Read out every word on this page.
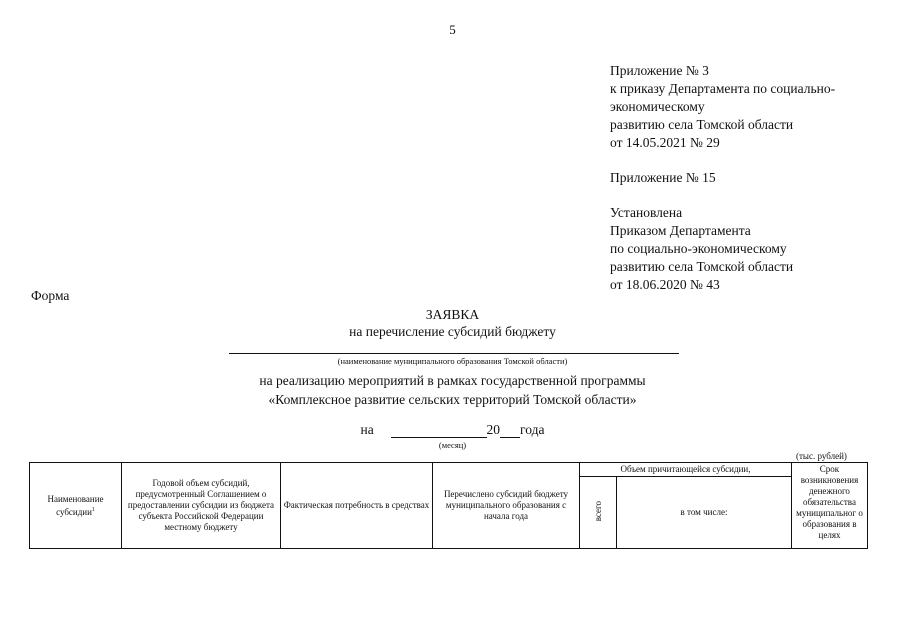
5
Приложение № 3
к приказу Департамента по социально-
экономическому
развитию села Томской области
от 14.05.2021 № 29
Приложение № 15
Установлена
Приказом Департамента
по социально-экономическому
развитию села Томской области
от 18.06.2020 № 43
Форма
ЗАЯВКА
на перечисление субсидий бюджету
(наименование муниципального образования Томской области)
на реализацию мероприятий в рамках государственной программы
«Комплексное развитие сельских территорий Томской области»
на	20 года
(месяц)
(тыс. рублей)
Наименование субсидии$^1$	Годовой объем субсидий, предусмотренный Соглашением о предоставлении субсидии из бюджета субъекта Российской Федерации местному бюджету	Фактическая потребность в средствах	Перечислено субсидий бюджету муниципального образования с начала года	Объем причитающейся субсидии,		Срок возникновения денежного обязательства муниципальног о образования в целях
				всего	в том числе:	
